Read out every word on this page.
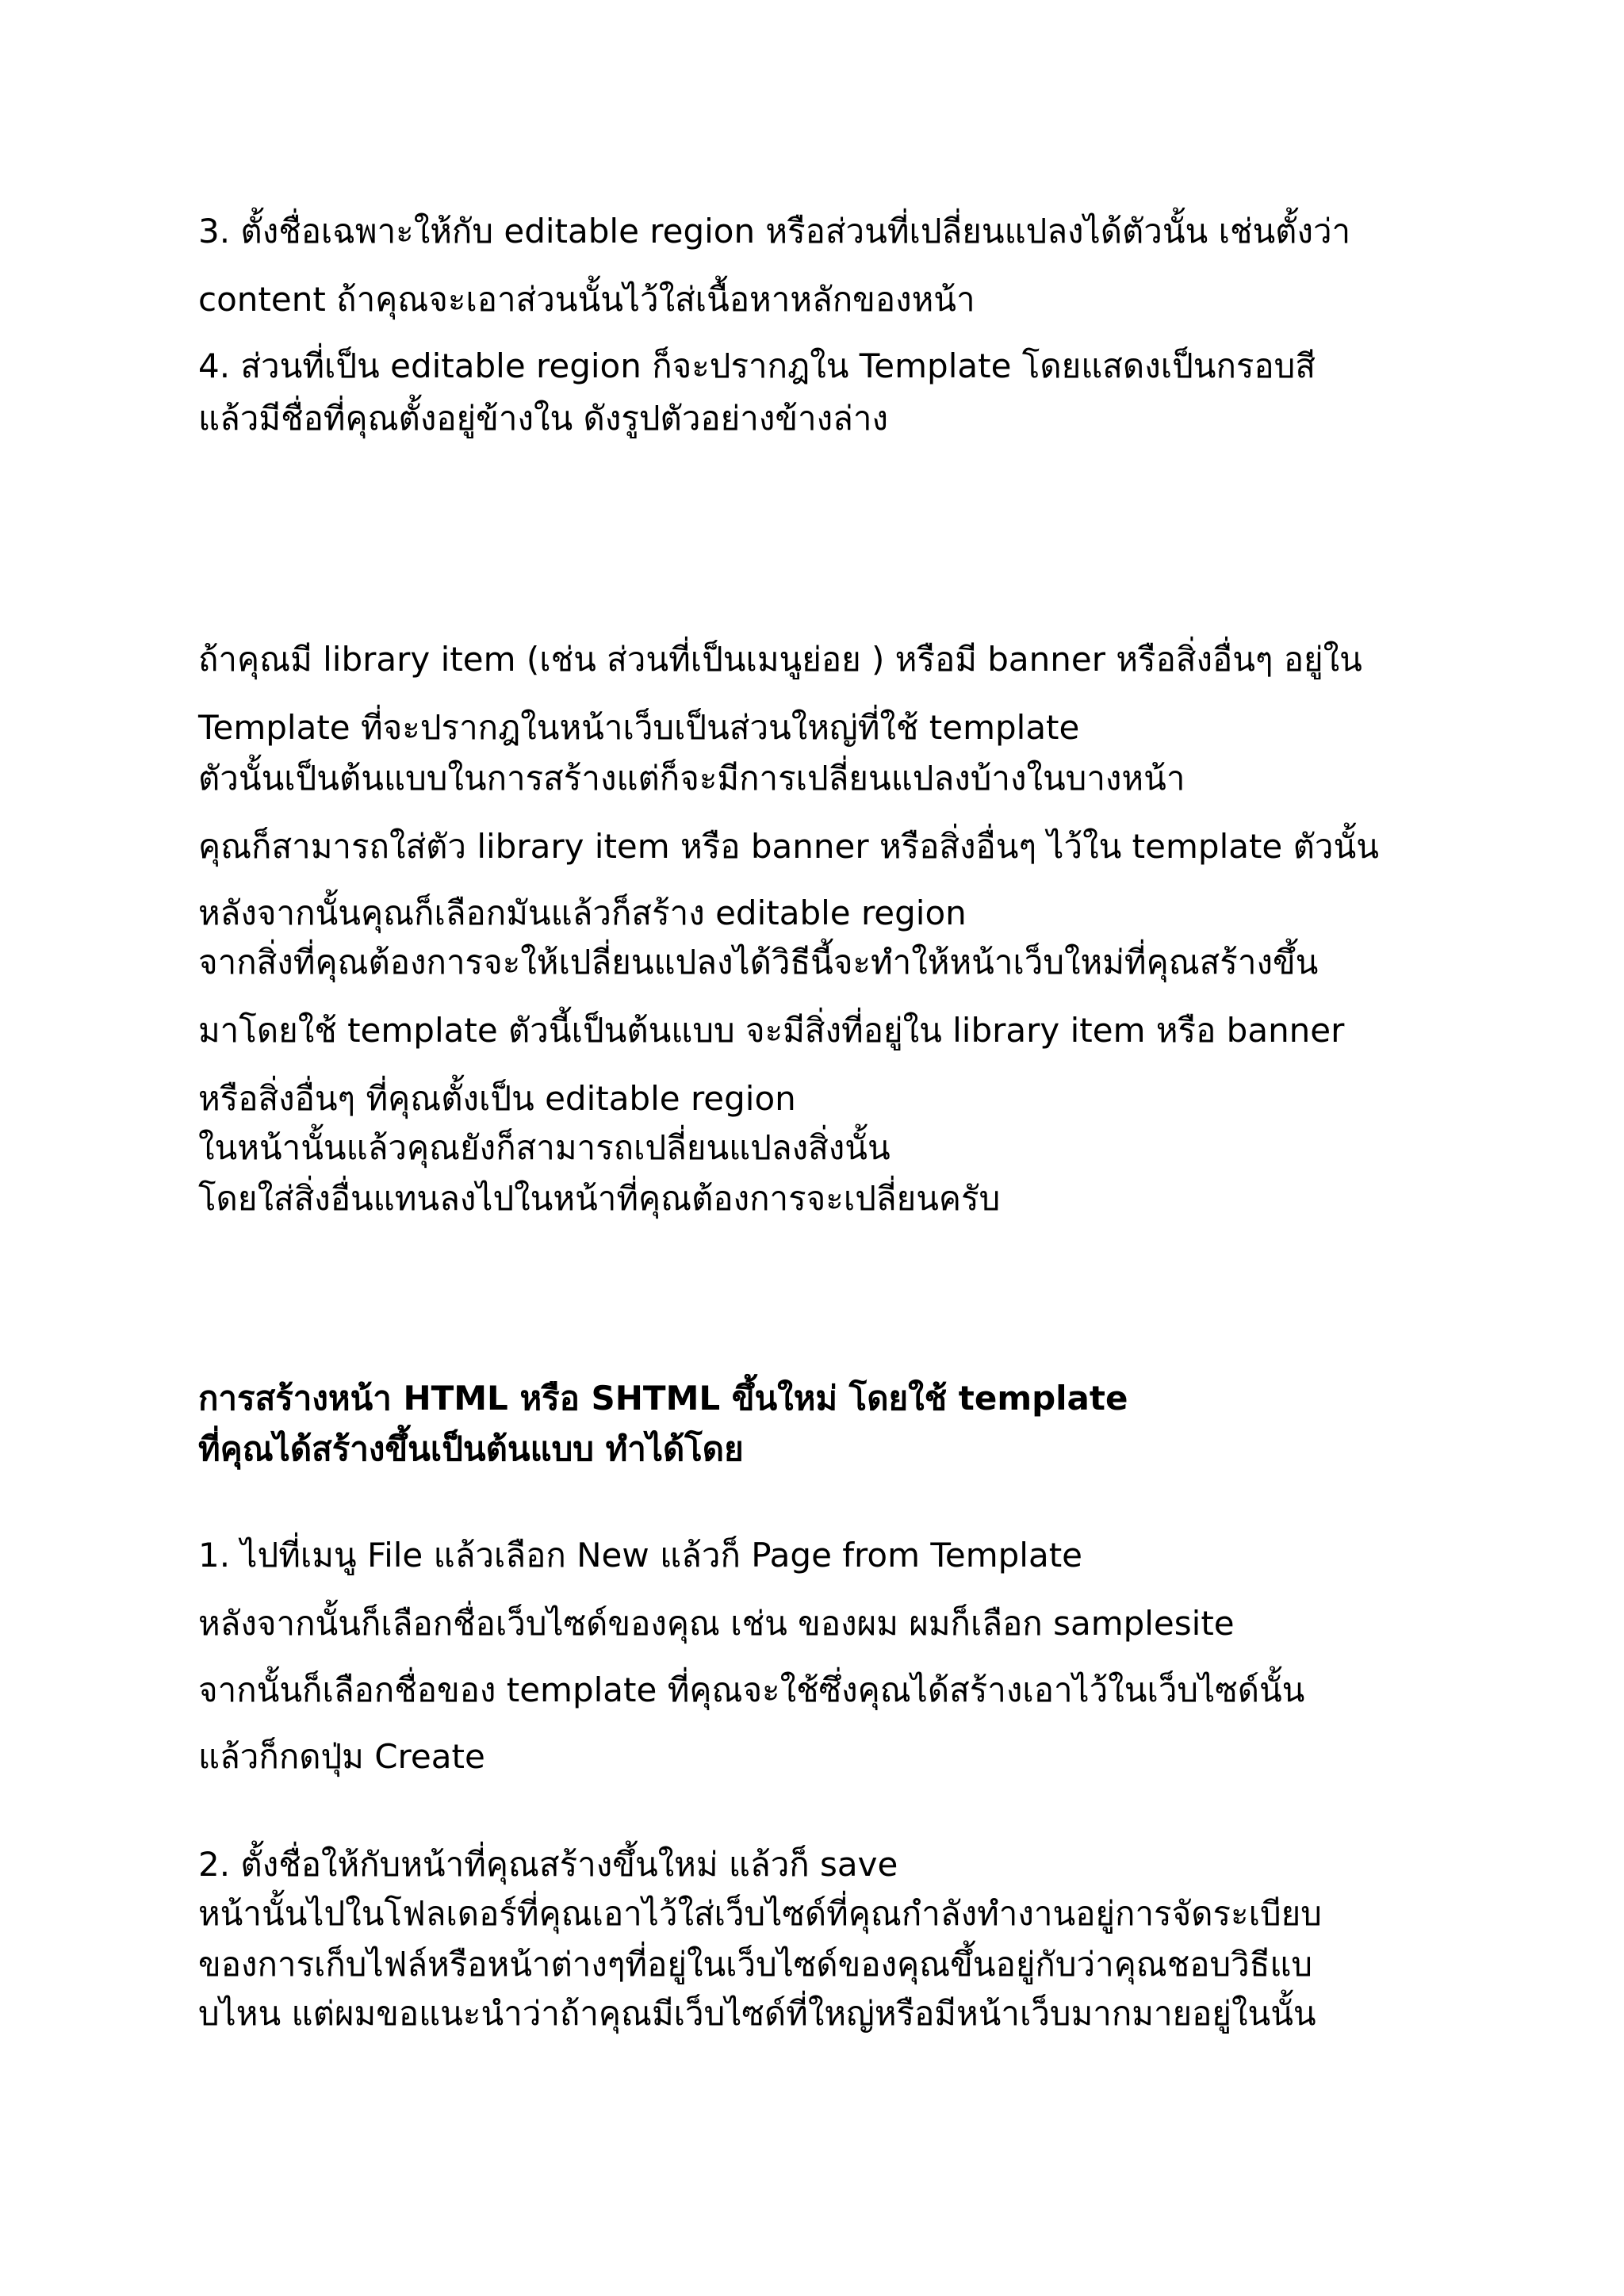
3. ตั้งชื่อเฉพาะให้กับ editable region หรือส่วนที่เปลี่ยนแปลงได้ตัวนั้น เช่นตั้งว่า
content ถ้าคุณจะเอาส่วนนั้นไว้ใส่เนื้อหาหลักของหน้า
4. ส่วนที่เป็น editable region ก็จะปรากฎใน Template โดยแสดงเป็นกรอบสี
แล้วมีชื่อที่คุณตั้งอยู่ข้างใน ดังรูปตัวอย่างข้างล่าง
ถ้าคุณมี library item (เช่น ส่วนที่เป็นเมนูย่อย ) หรือมี banner หรือสิ่งอื่นๆ อยู่ใน
Template ที่จะปรากฎในหน้าเว็บเป็นส่วนใหญ่ที่ใช้ template
ตัวนั้นเป็นต้นแบบในการสร้างแต่ก็จะมีการเปลี่ยนแปลงบ้างในบางหน้า
คุณก็สามารถใส่ตัว library item หรือ banner หรือสิ่งอื่นๆ ไว้ใน template ตัวนั้น
หลังจากนั้นคุณก็เลือกมันแล้วก็สร้าง editable region
จากสิ่งที่คุณต้องการจะให้เปลี่ยนแปลงได้วิธีนี้จะทำให้หน้าเว็บใหม่ที่คุณสร้างขึ้น
มาโดยใช้ template ตัวนี้เป็นต้นแบบ จะมีสิ่งที่อยู่ใน library item หรือ banner
หรือสิ่งอื่นๆ ที่คุณตั้งเป็น editable region
ในหน้านั้นแล้วคุณยังก็สามารถเปลี่ยนแปลงสิ่งนั้น
โดยใส่สิ่งอื่นแทนลงไปในหน้าที่คุณต้องการจะเปลี่ยนครับ
การสร้างหน้า HTML หรือ SHTML ขึ้นใหม่ โดยใช้ template
ที่คุณได้สร้างขึ้นเป็นต้นแบบ ทำได้โดย
1. ไปที่เมนู File แล้วเลือก New แล้วก็ Page from Template
หลังจากนั้นก็เลือกชื่อเว็บไซด์ของคุณ เช่น ของผม ผมก็เลือก samplesite
จากนั้นก็เลือกชื่อของ template ที่คุณจะใช้ซึ่งคุณได้สร้างเอาไว้ในเว็บไซด์นั้น
แล้วก็กดปุ่ม Create
2. ตั้งชื่อให้กับหน้าที่คุณสร้างขึ้นใหม่ แล้วก็ save
หน้านั้นไปในโฟลเดอร์ที่คุณเอาไว้ใส่เว็บไซด์ที่คุณกำลังทำงานอยู่การจัดระเบียบ
ของการเก็บไฟล์หรือหน้าต่างๆที่อยู่ในเว็บไซด์ของคุณขึ้นอยู่กับว่าคุณชอบวิธีแบ
บไหน แต่ผมขอแนะนำว่าถ้าคุณมีเว็บไซด์ที่ใหญ่หรือมีหน้าเว็บมากมายอยู่ในนั้น
